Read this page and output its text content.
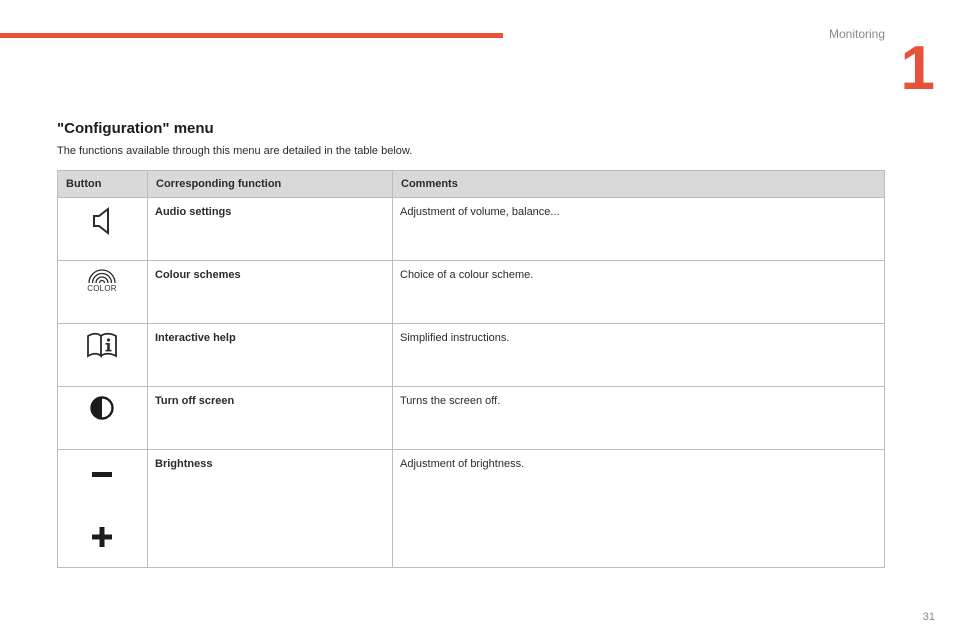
Monitoring 1
"Configuration" menu
The functions available through this menu are detailed in the table below.
Button	Corresponding function	Comments

	Audio settings	Adjustment of volume, balance...

COLOR	Colour schemes	Choice of a colour scheme.

	Interactive help	Simplified instructions.

	Turn off screen	Turns the screen off.

	Brightness	Adjustment of brightness.
31
